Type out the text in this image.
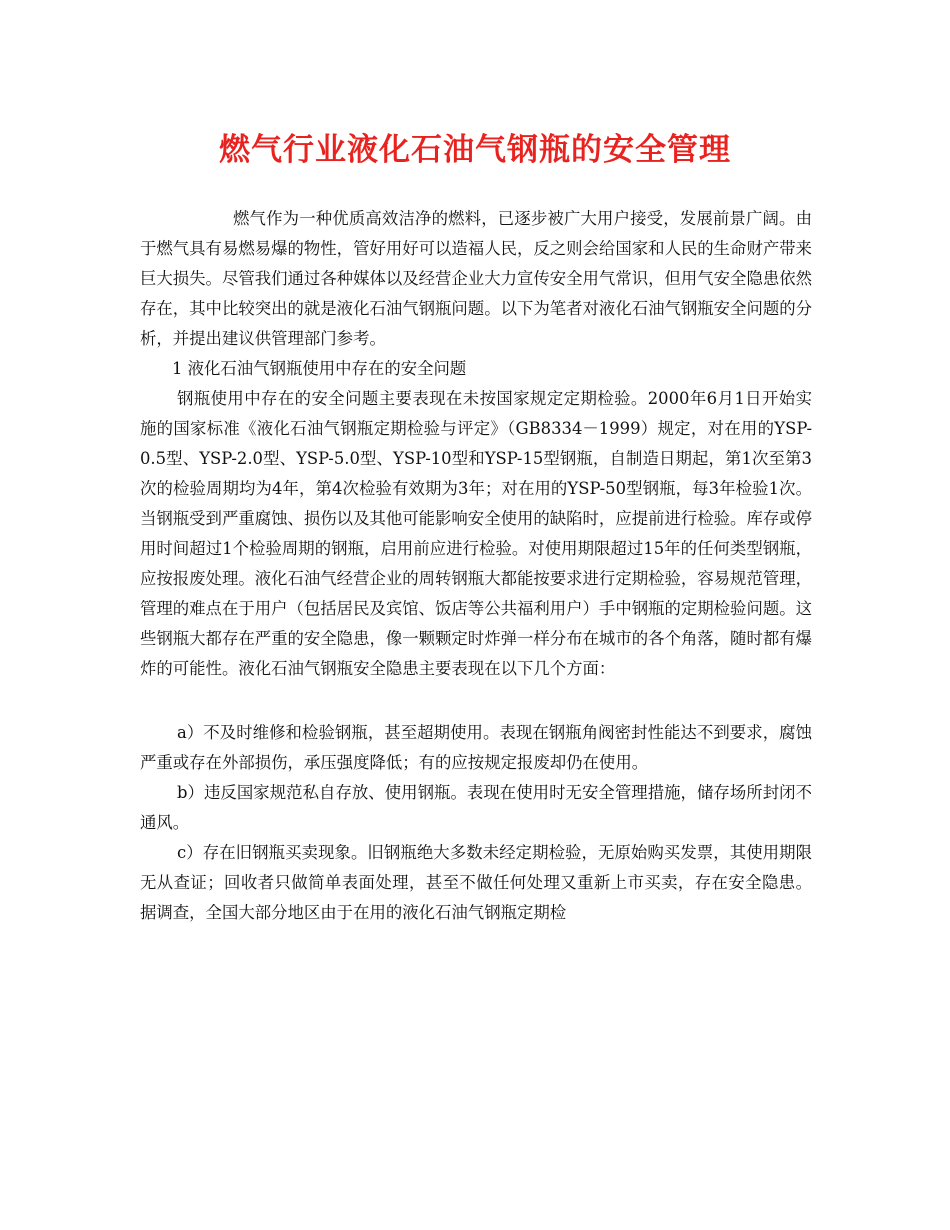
燃气行业液化石油气钢瓶的安全管理

燃气作为一种优质高效洁净的燃料，已逐步被广大用户接受，发展前景广阔。由于燃气具有易燃易爆的物性，管好用好可以造福人民，反之则会给国家和人民的生命财产带来巨大损失。尽管我们通过各种媒体以及经营企业大力宣传安全用气常识，但用气安全隐患依然存在，其中比较突出的就是液化石油气钢瓶问题。以下为笔者对液化石油气钢瓶安全问题的分析，并提出建议供管理部门参考。

1 液化石油气钢瓶使用中存在的安全问题

钢瓶使用中存在的安全问题主要表现在未按国家规定定期检验。2000年6月1日开始实施的国家标准《液化石油气钢瓶定期检验与评定》（GB8334－1999）规定，对在用的YSP-0.5型、YSP-2.0型、YSP-5.0型、YSP-10型和YSP-15型钢瓶，自制造日期起，第1次至第3次的检验周期均为4年，第4次检验有效期为3年；对在用的YSP-50型钢瓶，每3年检验1次。当钢瓶受到严重腐蚀、损伤以及其他可能影响安全使用的缺陷时，应提前进行检验。库存或停用时间超过1个检验周期的钢瓶，启用前应进行检验。对使用期限超过15年的任何类型钢瓶，应按报废处理。液化石油气经营企业的周转钢瓶大都能按要求进行定期检验，容易规范管理，管理的难点在于用户（包括居民及宾馆、饭店等公共福利用户）手中钢瓶的定期检验问题。这些钢瓶大都存在严重的安全隐患，像一颗颗定时炸弹一样分布在城市的各个角落，随时都有爆炸的可能性。液化石油气钢瓶安全隐患主要表现在以下几个方面：

a）不及时维修和检验钢瓶，甚至超期使用。表现在钢瓶角阀密封性能达不到要求，腐蚀严重或存在外部损伤，承压强度降低；有的应按规定报废却仍在使用。

b）违反国家规范私自存放、使用钢瓶。表现在使用时无安全管理措施，储存场所封闭不通风。

c）存在旧钢瓶买卖现象。旧钢瓶绝大多数未经定期检验，无原始购买发票，其使用期限无从查证；回收者只做简单表面处理，甚至不做任何处理又重新上市买卖，存在安全隐患。 据调查，全国大部分地区由于在用的液化石油气钢瓶定期检
